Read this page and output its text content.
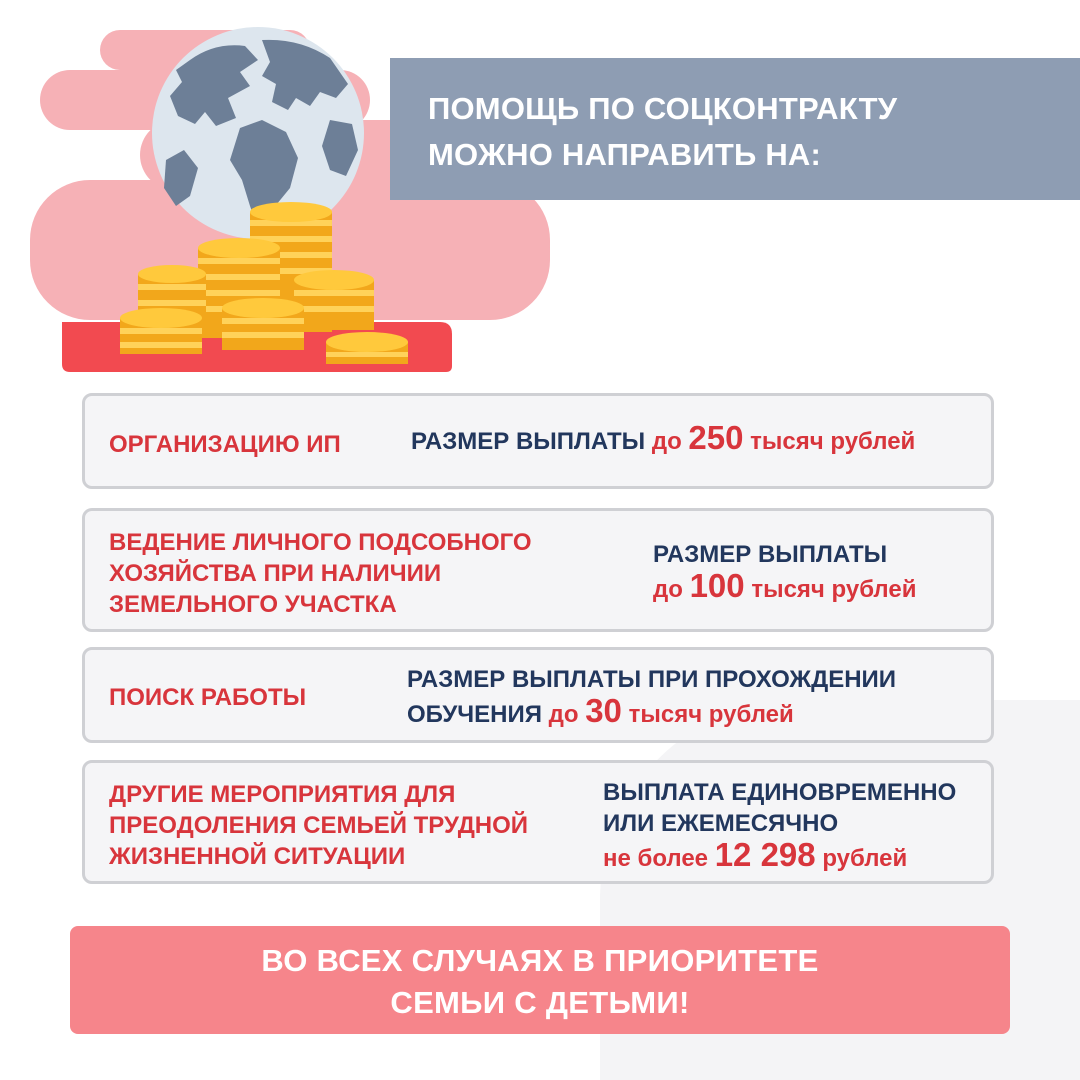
ПОМОЩЬ ПО СОЦКОНТРАКТУ
МОЖНО НАПРАВИТЬ НА:

ОРГАНИЗАЦИЮ ИП	РАЗМЕР ВЫПЛАТЫ до 250 тысяч рублей

ВЕДЕНИЕ ЛИЧНОГО ПОДСОБНОГО
ХОЗЯЙСТВА ПРИ НАЛИЧИИ
ЗЕМЕЛЬНОГО УЧАСТКА

РАЗМЕР ВЫПЛАТЫ
до 100 тысяч рублей

ПОИСК РАБОТЫ

РАЗМЕР ВЫПЛАТЫ ПРИ ПРОХОЖДЕНИИ
ОБУЧЕНИЯ до 30 тысяч рублей

ДРУГИЕ МЕРОПРИЯТИЯ ДЛЯ
ПРЕОДОЛЕНИЯ СЕМЬЕЙ ТРУДНОЙ
ЖИЗНЕННОЙ СИТУАЦИИ

ВЫПЛАТА ЕДИНОВРЕМЕННО
ИЛИ ЕЖЕМЕСЯЧНО
не более 12 298 рублей

ВО ВСЕХ СЛУЧАЯХ В ПРИОРИТЕТЕ
СЕМЬИ С ДЕТЬМИ!
